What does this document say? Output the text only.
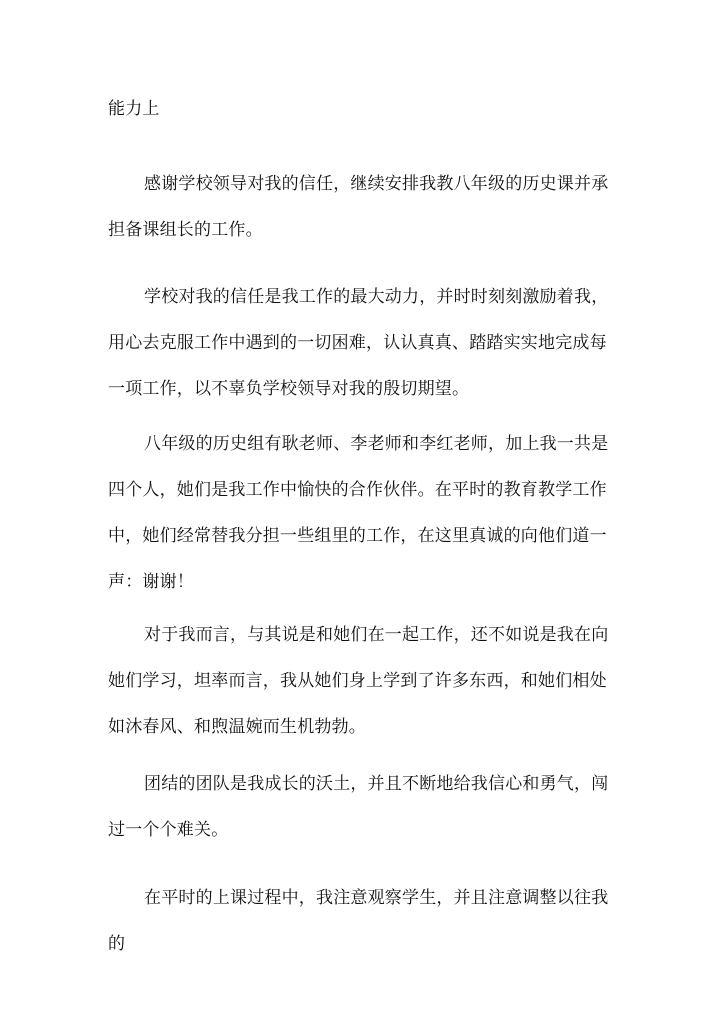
能力上

感谢学校领导对我的信任，继续安排我教八年级的历史课并承担备课组长的工作。

学校对我的信任是我工作的最大动力，并时时刻刻激励着我，用心去克服工作中遇到的一切困难，认认真真、踏踏实实地完成每一项工作，以不辜负学校领导对我的殷切期望。

八年级的历史组有耿老师、李老师和李红老师，加上我一共是四个人，她们是我工作中愉快的合作伙伴。在平时的教育教学工作中，她们经常替我分担一些组里的工作，在这里真诚的向他们道一声：谢谢！

对于我而言，与其说是和她们在一起工作，还不如说是我在向她们学习，坦率而言，我从她们身上学到了许多东西，和她们相处如沐春风、和煦温婉而生机勃勃。

团结的团队是我成长的沃土，并且不断地给我信心和勇气，闯过一个个难关。

在平时的上课过程中，我注意观察学生，并且注意调整以往我的
